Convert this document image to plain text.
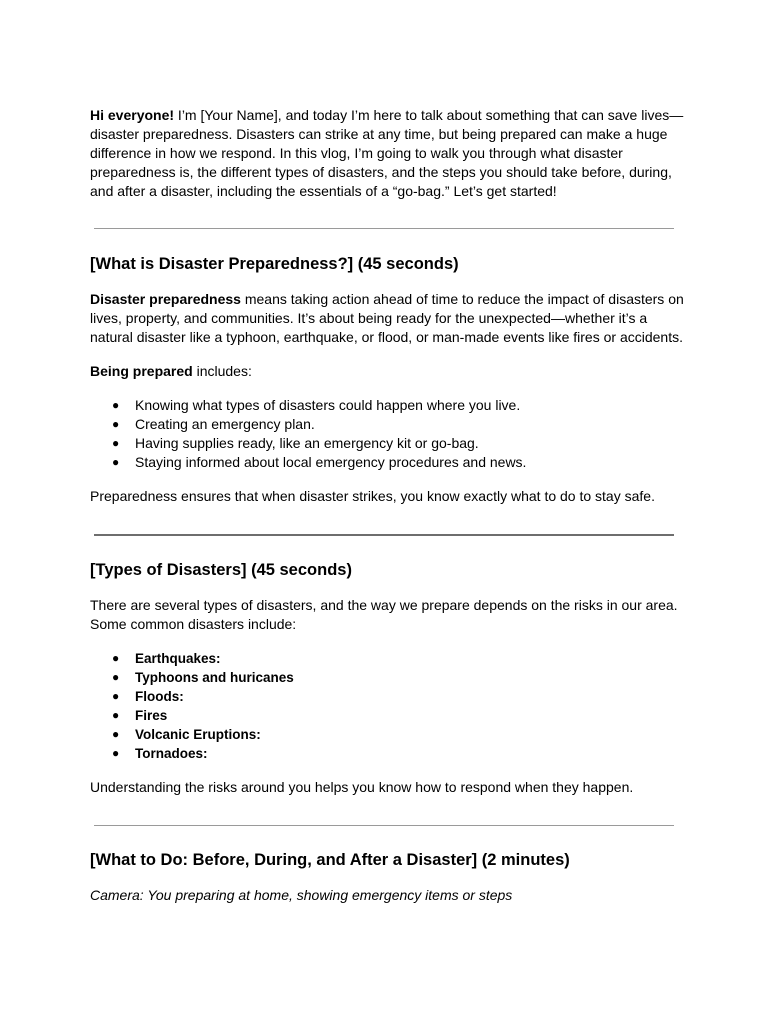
Hi everyone! I’m [Your Name], and today I’m here to talk about something that can save lives—disaster preparedness. Disasters can strike at any time, but being prepared can make a huge difference in how we respond. In this vlog, I’m going to walk you through what disaster preparedness is, the different types of disasters, and the steps you should take before, during, and after a disaster, including the essentials of a “go-bag.” Let’s get started!

[What is Disaster Preparedness?] (45 seconds)

Disaster preparedness means taking action ahead of time to reduce the impact of disasters on lives, property, and communities. It’s about being ready for the unexpected—whether it’s a natural disaster like a typhoon, earthquake, or flood, or man-made events like fires or accidents.

Being prepared includes:

● Knowing what types of disasters could happen where you live.
● Creating an emergency plan.
● Having supplies ready, like an emergency kit or go-bag.
● Staying informed about local emergency procedures and news.

Preparedness ensures that when disaster strikes, you know exactly what to do to stay safe.

[Types of Disasters] (45 seconds)

There are several types of disasters, and the way we prepare depends on the risks in our area. Some common disasters include:

● Earthquakes:
● Typhoons and huricanes
● Floods:
● Fires
● Volcanic Eruptions:
● Tornadoes:

Understanding the risks around you helps you know how to respond when they happen.

[What to Do: Before, During, and After a Disaster] (2 minutes)

Camera: You preparing at home, showing emergency items or steps
